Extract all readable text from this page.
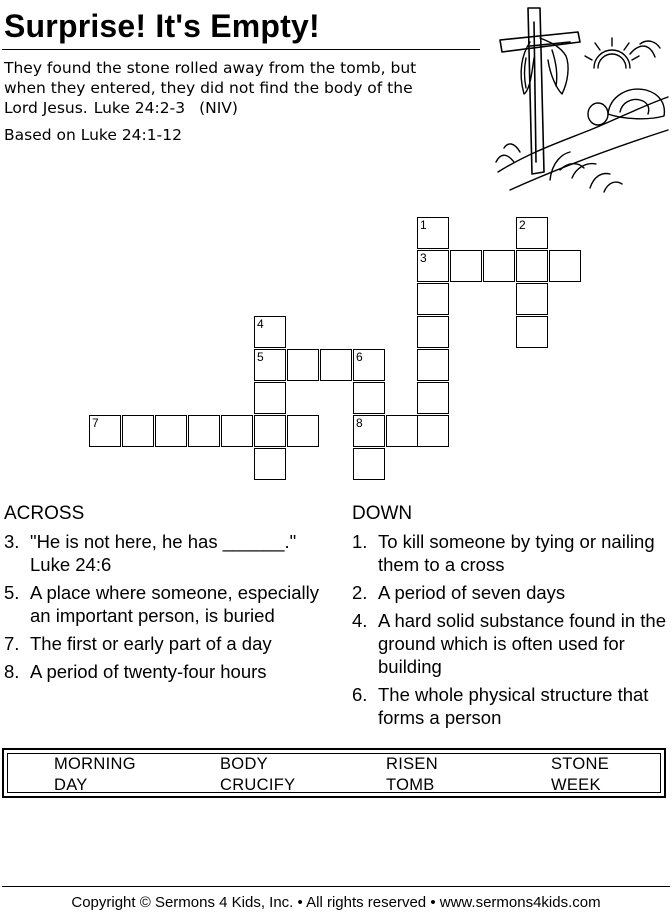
Surprise! It's Empty!
They found the stone rolled away from the tomb, but
when they entered, they did not find the body of the
Lord Jesus. Luke 24:2-3 (NIV)
Based on Luke 24:1-12
1
3
2
4
5	6
8
7
ACROSS
3. "He is not here, he has ______." Luke 24:6
5. A place where someone, especially an important person, is buried
7. The first or early part of a day
8. A period of twenty-four hours
DOWN
1. To kill someone by tying or nailing them to a cross
2. A period of seven days
4. A hard solid substance found in the ground which is often used for building
6. The whole physical structure that forms a person
MORNING	BODY	RISEN	STONE
DAY	CRUCIFY	TOMB	WEEK
Copyright © Sermons 4 Kids, Inc. • All rights reserved • www.sermons4kids.com
